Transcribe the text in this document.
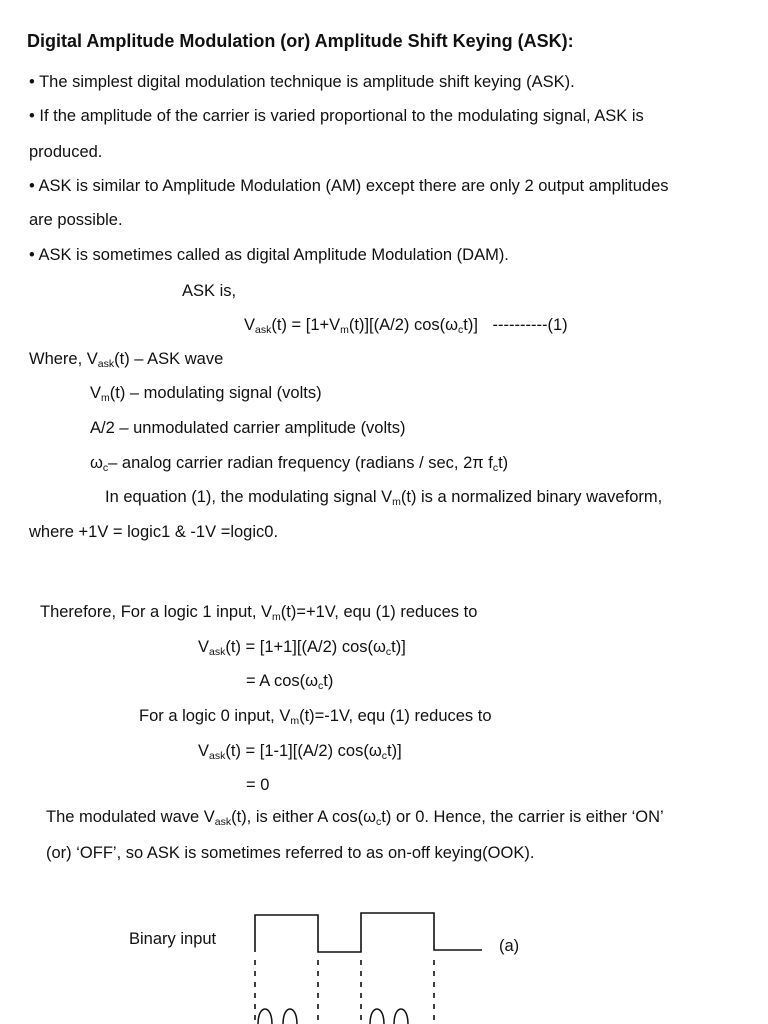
Digital Amplitude Modulation (or) Amplitude Shift Keying (ASK):
• The simplest digital modulation technique is amplitude shift keying (ASK).
• If the amplitude of the carrier is varied proportional to the modulating signal, ASK is
produced.
• ASK is similar to Amplitude Modulation (AM) except there are only 2 output amplitudes
are possible.
• ASK is sometimes called as digital Amplitude Modulation (DAM).
ASK is,
$V_{ask}(t) = [1+V_m(t)][(A/2)$ $\cos(\omega_ct)$] ----------(1)
Where, $V_{ask}(t)$ – ASK wave
$V_m(t)$ – modulating signal (volts)
A/2 – unmodulated carrier amplitude (volts)
$\omega_c-$ analog carrier radian frequency (radians / sec, 2π $f_ct$)
In equation (1), the modulating signal $V_m(t)$ is a normalized binary waveform,
where +1V = logic1 & -1V =logic0.
Therefore, For a logic 1 input, $V_m(t)=+1V$, equ (1) reduces to
$V_{ask}(t) = [1+1][(A/2)$ $\cos(\omega_ct)$]
= A $\cos(\omega_ct)$
For a logic 0 input, $V_m(t)=-1V$, equ (1) reduces to
$V_{ask}(t) = [1-1][(A/2)$ $\cos(\omega_ct)$]
= 0
The modulated wave $V_{ask}(t)$, is either A $\cos(\omega_ct)$ or 0. Hence, the carrier is either ‘ON’
(or) ‘OFF’, so ASK is sometimes referred to as on-off keying(OOK).
Binary input	(a)
